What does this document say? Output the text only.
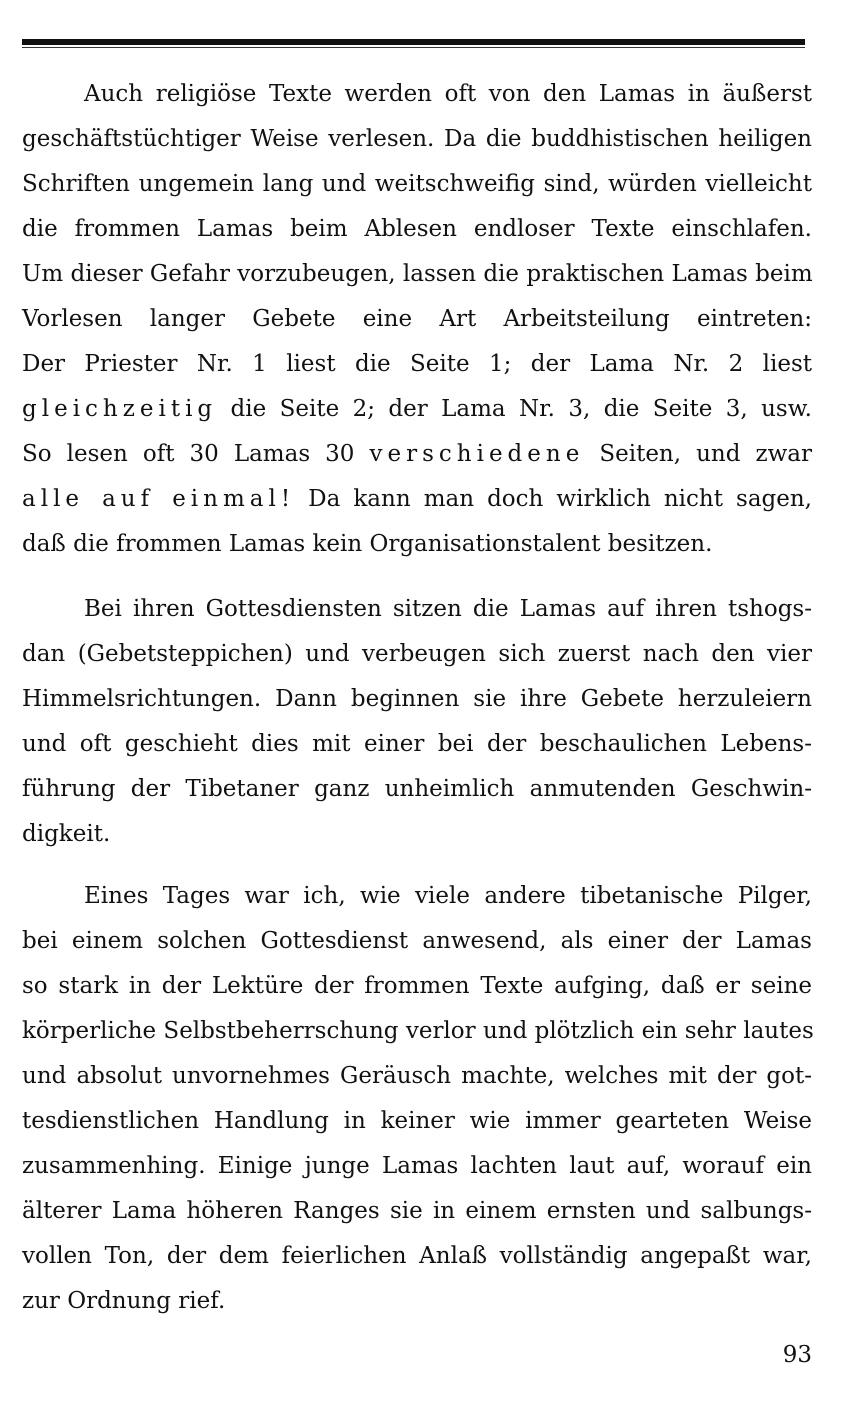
Auch religiöse Texte werden oft von den Lamas in äußerst
geschäftstüchtiger Weise verlesen. Da die buddhistischen heiligen
Schriften ungemein lang und weitschweifig sind, würden vielleicht
die frommen Lamas beim Ablesen endloser Texte einschlafen.
Um dieser Gefahr vorzubeugen, lassen die praktischen Lamas beim
Vorlesen langer Gebete eine Art Arbeitsteilung eintreten:
Der Priester Nr. 1 liest die Seite 1; der Lama Nr. 2 liest
gleichzeitig die Seite 2; der Lama Nr. 3, die Seite 3, usw.
So lesen oft 30 Lamas 30 verschiedene Seiten, und zwar
alle auf einmal! Da kann man doch wirklich nicht sagen,
daß die frommen Lamas kein Organisationstalent besitzen.
Bei ihren Gottesdiensten sitzen die Lamas auf ihren tshogs-
dan (Gebetsteppichen) und verbeugen sich zuerst nach den vier
Himmelsrichtungen. Dann beginnen sie ihre Gebete herzuleiern
und oft geschieht dies mit einer bei der beschaulichen Lebens-
führung der Tibetaner ganz unheimlich anmutenden Geschwin-
digkeit.
Eines Tages war ich, wie viele andere tibetanische Pilger,
bei einem solchen Gottesdienst anwesend, als einer der Lamas
so stark in der Lektüre der frommen Texte aufging, daß er seine
körperliche Selbstbeherrschung verlor und plötzlich ein sehr lautes
und absolut unvornehmes Geräusch machte, welches mit der got-
tesdienstlichen Handlung in keiner wie immer gearteten Weise
zusammenhing. Einige junge Lamas lachten laut auf, worauf ein
älterer Lama höheren Ranges sie in einem ernsten und salbungs-
vollen Ton, der dem feierlichen Anlaß vollständig angepaßt war,
zur Ordnung rief.
93
